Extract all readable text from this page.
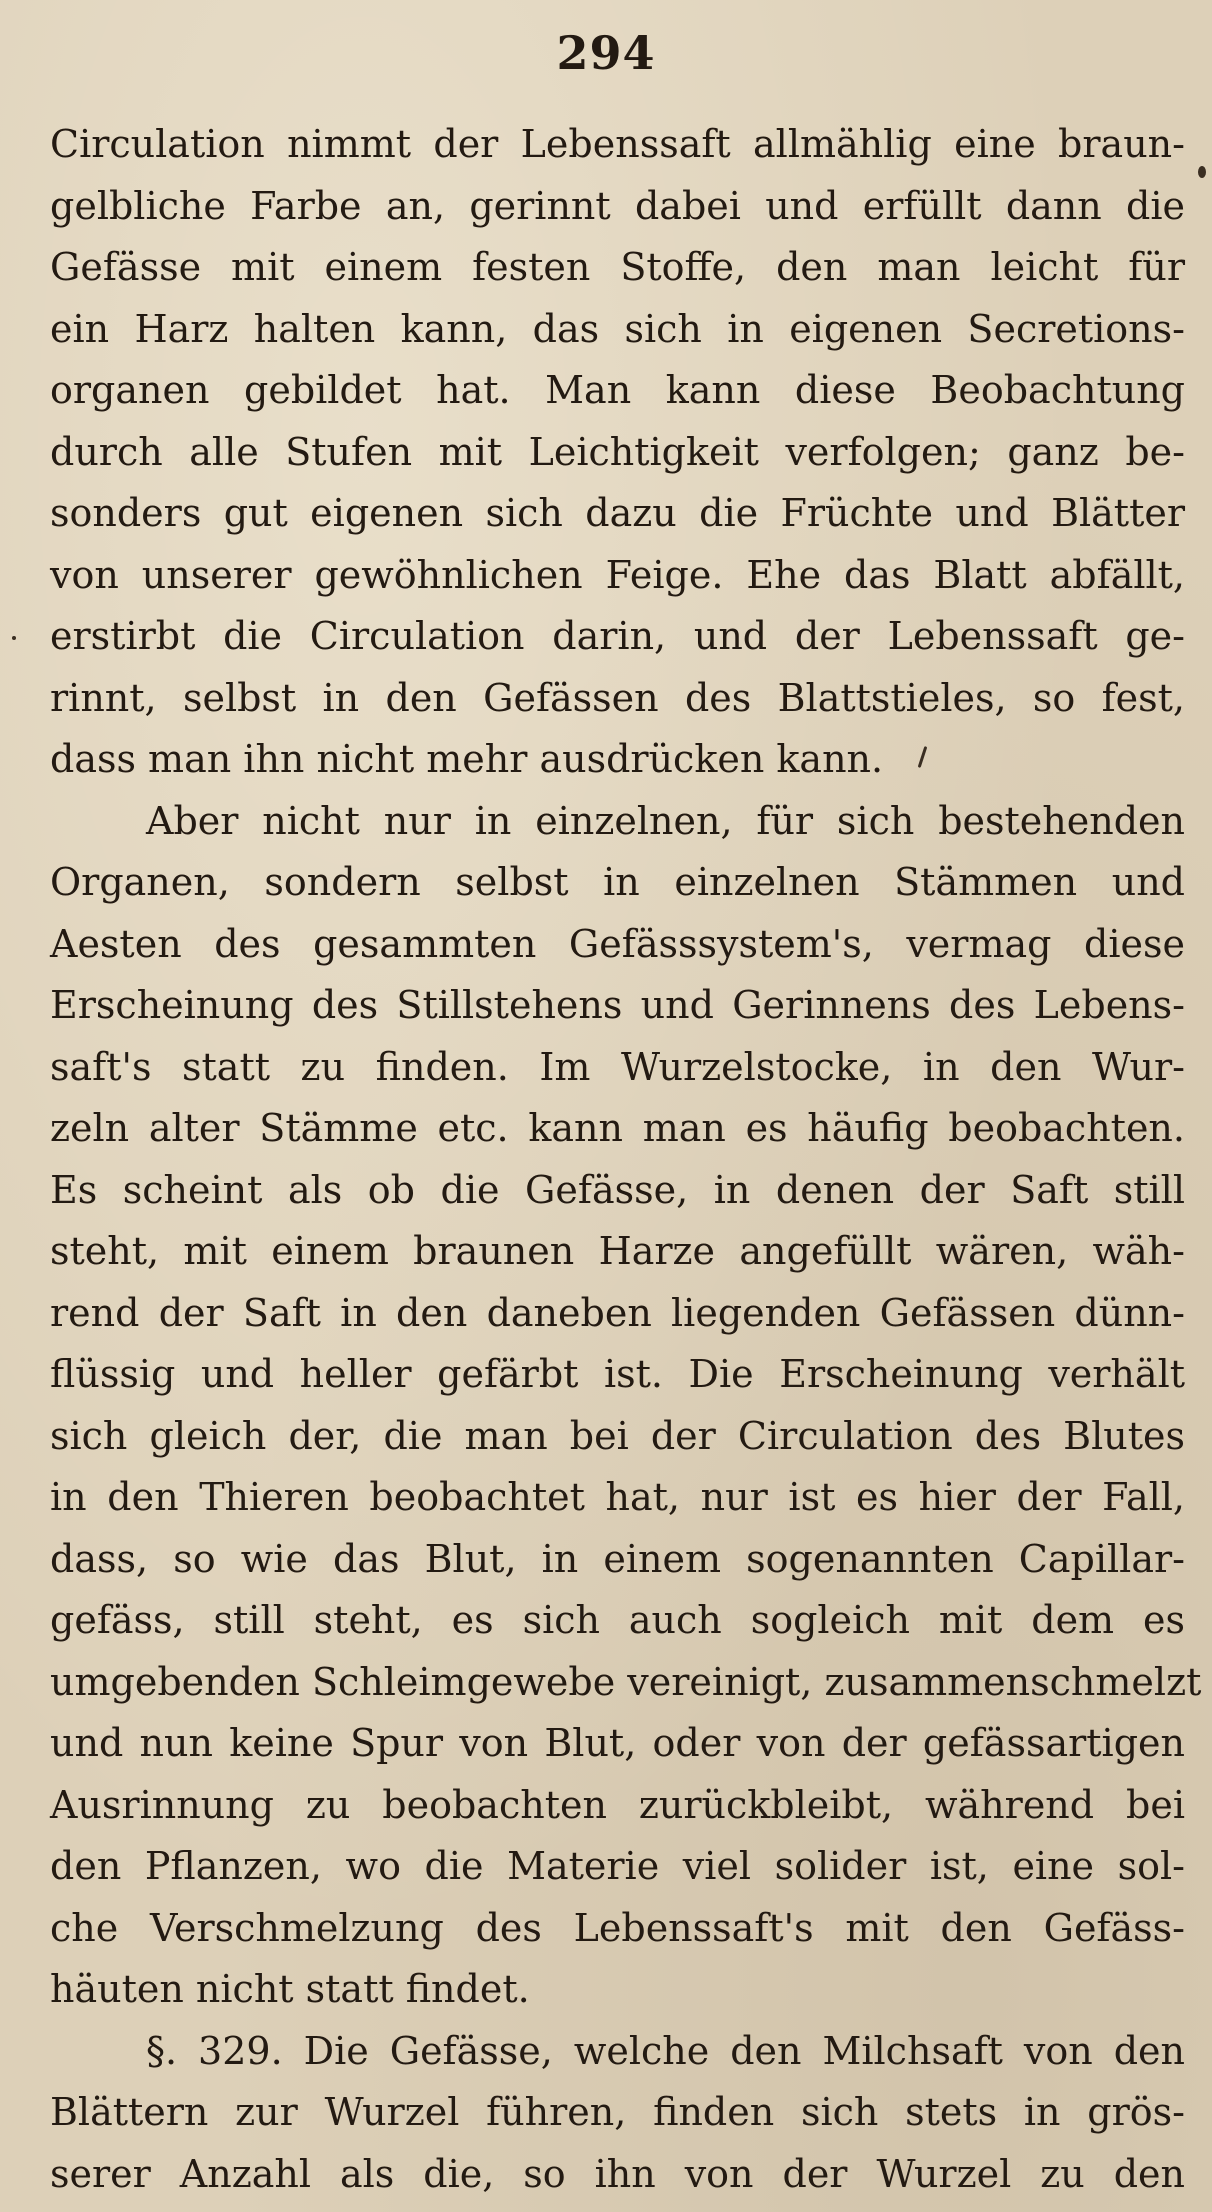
294
Circulation nimmt der Lebenssaft allmählig eine braun-
gelbliche Farbe an, gerinnt dabei und erfüllt dann die
Gefässe mit einem festen Stoffe, den man leicht für
ein Harz halten kann, das sich in eigenen Secretions-
organen gebildet hat. Man kann diese Beobachtung
durch alle Stufen mit Leichtigkeit verfolgen; ganz be-
sonders gut eigenen sich dazu die Früchte und Blätter
von unserer gewöhnlichen Feige. Ehe das Blatt abfällt,
erstirbt die Circulation darin, und der Lebenssaft ge-
rinnt, selbst in den Gefässen des Blattstieles, so fest,
dass man ihn nicht mehr ausdrücken kann.
Aber nicht nur in einzelnen, für sich bestehenden
Organen, sondern selbst in einzelnen Stämmen und
Aesten des gesammten Gefässsystem's, vermag diese
Erscheinung des Stillstehens und Gerinnens des Lebens-
saft's statt zu finden. Im Wurzelstocke, in den Wur-
zeln alter Stämme etc. kann man es häufig beobachten.
Es scheint als ob die Gefässe, in denen der Saft still
steht, mit einem braunen Harze angefüllt wären, wäh-
rend der Saft in den daneben liegenden Gefässen dünn-
flüssig und heller gefärbt ist. Die Erscheinung verhält
sich gleich der, die man bei der Circulation des Blutes
in den Thieren beobachtet hat, nur ist es hier der Fall,
dass, so wie das Blut, in einem sogenannten Capillar-
gefäss, still steht, es sich auch sogleich mit dem es
umgebenden Schleimgewebe vereinigt, zusammenschmelzt
und nun keine Spur von Blut, oder von der gefässartigen
Ausrinnung zu beobachten zurückbleibt, während bei
den Pflanzen, wo die Materie viel solider ist, eine sol-
che Verschmelzung des Lebenssaft's mit den Gefäss-
häuten nicht statt findet.
§. 329. Die Gefässe, welche den Milchsaft von den
Blättern zur Wurzel führen, finden sich stets in grös-
serer Anzahl als die, so ihn von der Wurzel zu den
